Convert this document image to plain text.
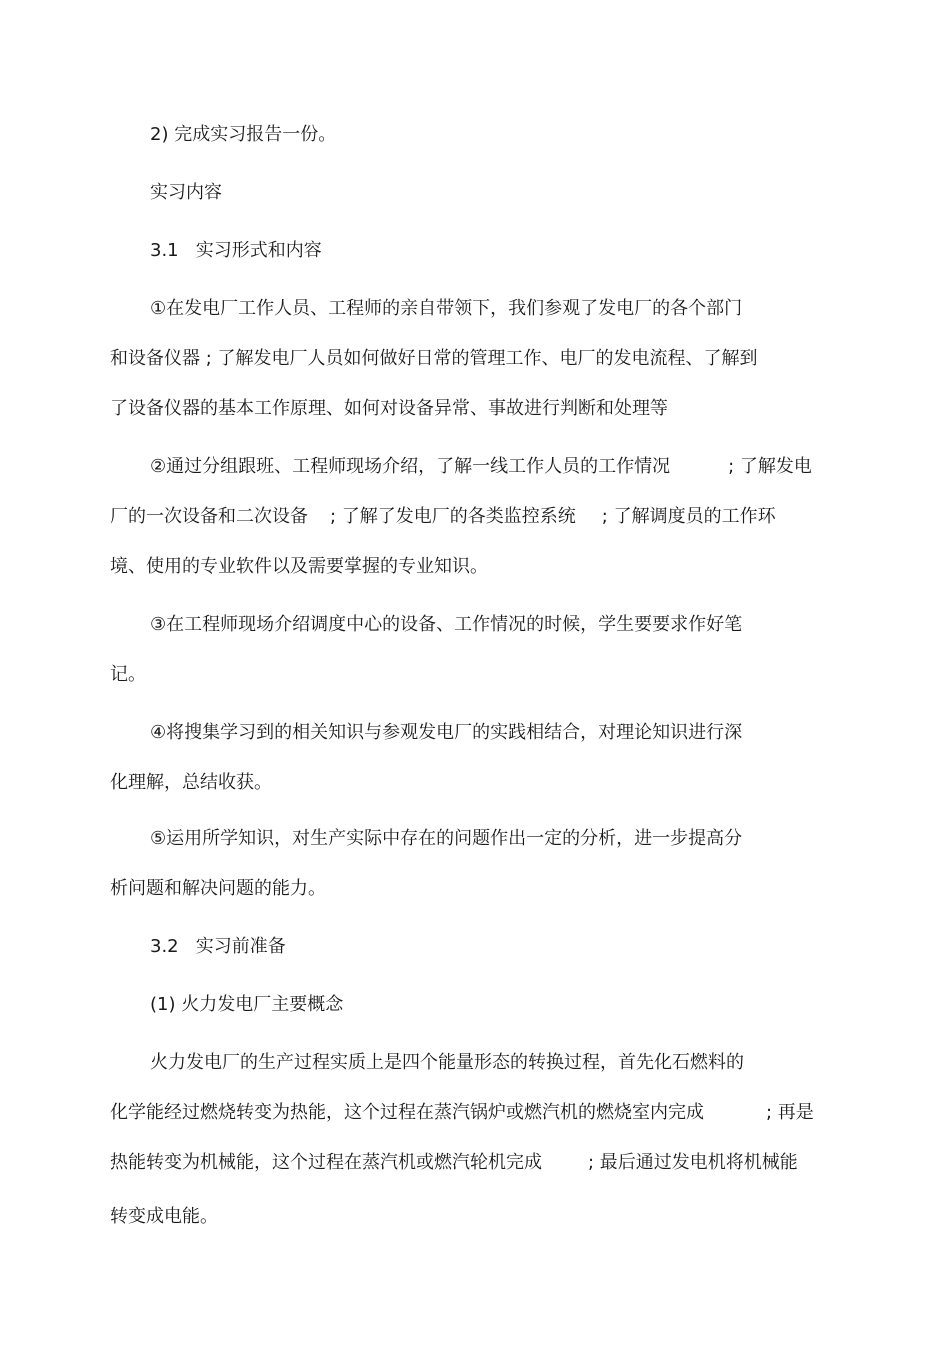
2) 完成实习报告一份。

实习内容

3.1   实习形式和内容

①在发电厂工作人员、工程师的亲自带领下，我们参观了发电厂的各个部门

和设备仪器 ; 了解发电厂人员如何做好日常的管理工作、电厂的发电流程、了解到

了设备仪器的基本工作原理、如何对设备异常、事故进行判断和处理等

②通过分组跟班、工程师现场介绍，了解一线工作人员的工作情况	; 了解发电

厂的一次设备和二次设备 ; 了解了发电厂的各类监控系统 ; 了解调度员的工作环

境、使用的专业软件以及需要掌握的专业知识。

③在工程师现场介绍调度中心的设备、工作情况的时候，学生要要求作好笔

记。

④将搜集学习到的相关知识与参观发电厂的实践相结合，对理论知识进行深

化理解，总结收获。

⑤运用所学知识，对生产实际中存在的问题作出一定的分析，进一步提高分

析问题和解决问题的能力。

3.2   实习前准备

(1) 火力发电厂主要概念

火力发电厂的生产过程实质上是四个能量形态的转换过程，首先化石燃料的

化学能经过燃烧转变为热能，这个过程在蒸汽锅炉或燃汽机的燃烧室内完成	; 再是

热能转变为机械能，这个过程在蒸汽机或燃汽轮机完成	; 最后通过发电机将机械能

转变成电能。
